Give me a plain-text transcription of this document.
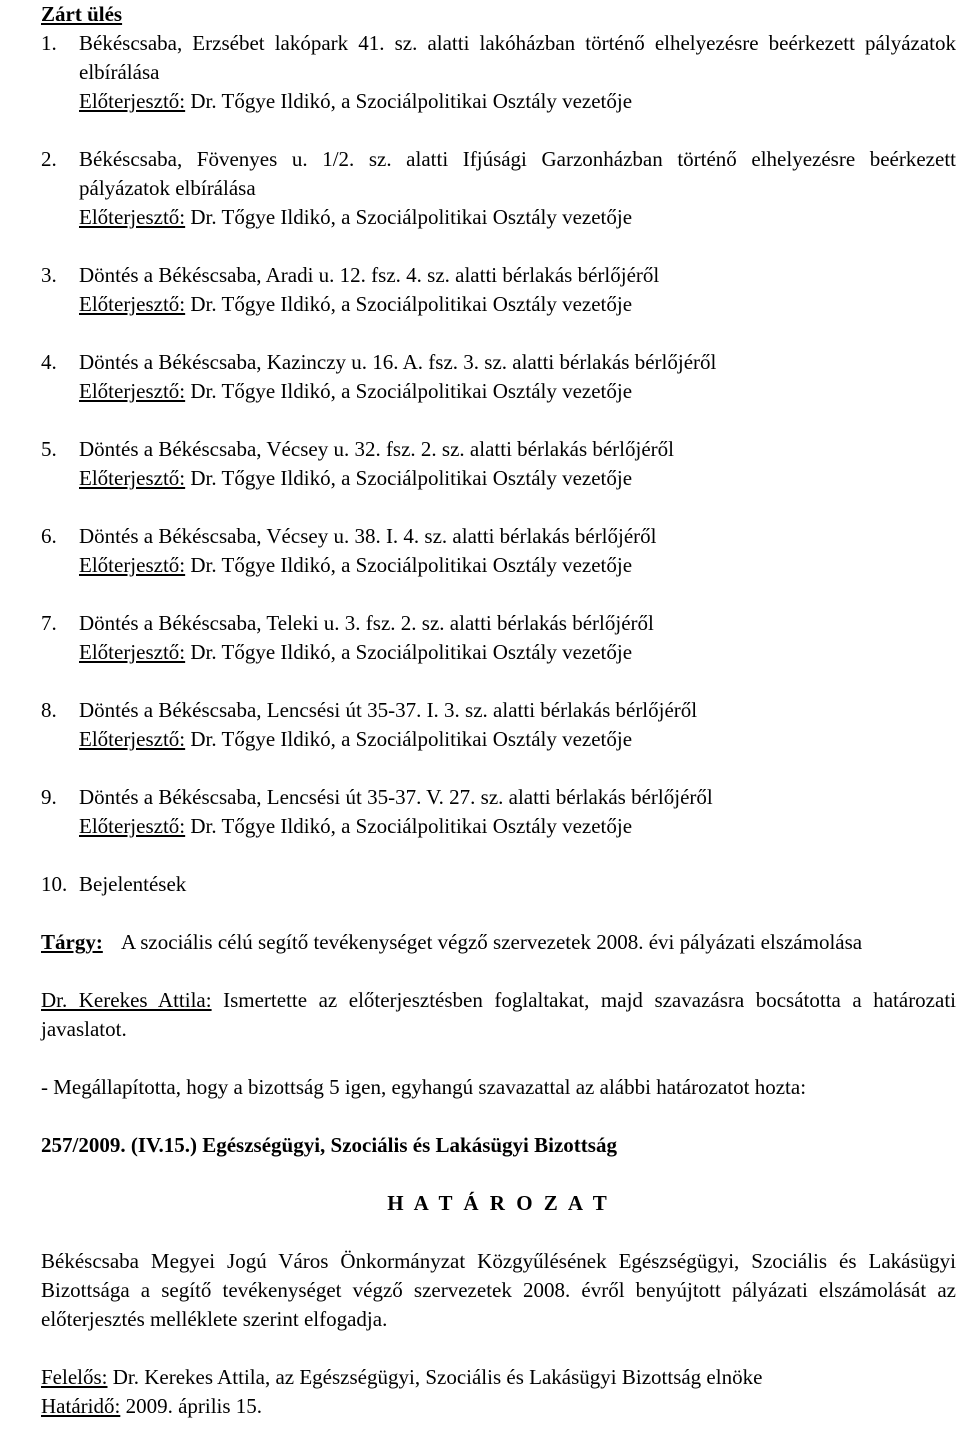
Zárt ülés

1.	Békéscsaba, Erzsébet lakópark 41. sz. alatti lakóházban történő elhelyezésre beérkezett pályázatok elbírálása

Előterjesztő: Dr. Tőgye Ildikó, a Szociálpolitikai Osztály vezetője

2.	Békéscsaba, Fövenyes u. 1/2. sz. alatti Ifjúsági Garzonházban történő elhelyezésre beérkezett pályázatok elbírálása

Előterjesztő: Dr. Tőgye Ildikó, a Szociálpolitikai Osztály vezetője

3.	Döntés a Békéscsaba, Aradi u. 12. fsz. 4. sz. alatti bérlakás bérlőjéről

Előterjesztő: Dr. Tőgye Ildikó, a Szociálpolitikai Osztály vezetője

4.	Döntés a Békéscsaba, Kazinczy u. 16. A. fsz. 3. sz. alatti bérlakás bérlőjéről

Előterjesztő: Dr. Tőgye Ildikó, a Szociálpolitikai Osztály vezetője

5.	Döntés a Békéscsaba, Vécsey u. 32. fsz. 2. sz. alatti bérlakás bérlőjéről

Előterjesztő: Dr. Tőgye Ildikó, a Szociálpolitikai Osztály vezetője

6.	Döntés a Békéscsaba, Vécsey u. 38. I. 4. sz. alatti bérlakás bérlőjéről

Előterjesztő: Dr. Tőgye Ildikó, a Szociálpolitikai Osztály vezetője

7.	Döntés a Békéscsaba, Teleki u. 3. fsz. 2. sz. alatti bérlakás bérlőjéről

Előterjesztő: Dr. Tőgye Ildikó, a Szociálpolitikai Osztály vezetője

8.	Döntés a Békéscsaba, Lencsési út 35-37. I. 3. sz. alatti bérlakás bérlőjéről

Előterjesztő: Dr. Tőgye Ildikó, a Szociálpolitikai Osztály vezetője

9.	Döntés a Békéscsaba, Lencsési út 35-37. V. 27. sz. alatti bérlakás bérlőjéről

Előterjesztő: Dr. Tőgye Ildikó, a Szociálpolitikai Osztály vezetője

10. Bejelentések

Tárgy: A szociális célú segítő tevékenységet végző szervezetek 2008. évi pályázati elszámolása

Dr. Kerekes Attila: Ismertette az előterjesztésben foglaltakat, majd szavazásra bocsátotta a határozati javaslatot.

- Megállapította, hogy a bizottság 5 igen, egyhangú szavazattal az alábbi határozatot hozta:

257/2009. (IV.15.) Egészségügyi, Szociális és Lakásügyi Bizottság

H A T Á R O Z A T

Békéscsaba Megyei Jogú Város Önkormányzat Közgyűlésének Egészségügyi, Szociális és Lakásügyi Bizottsága a segítő tevékenységet végző szervezetek 2008. évről benyújtott pályázati elszámolását az előterjesztés melléklete szerint elfogadja.

Felelős: Dr. Kerekes Attila, az Egészségügyi, Szociális és Lakásügyi Bizottság elnöke

Határidő: 2009. április 15.
